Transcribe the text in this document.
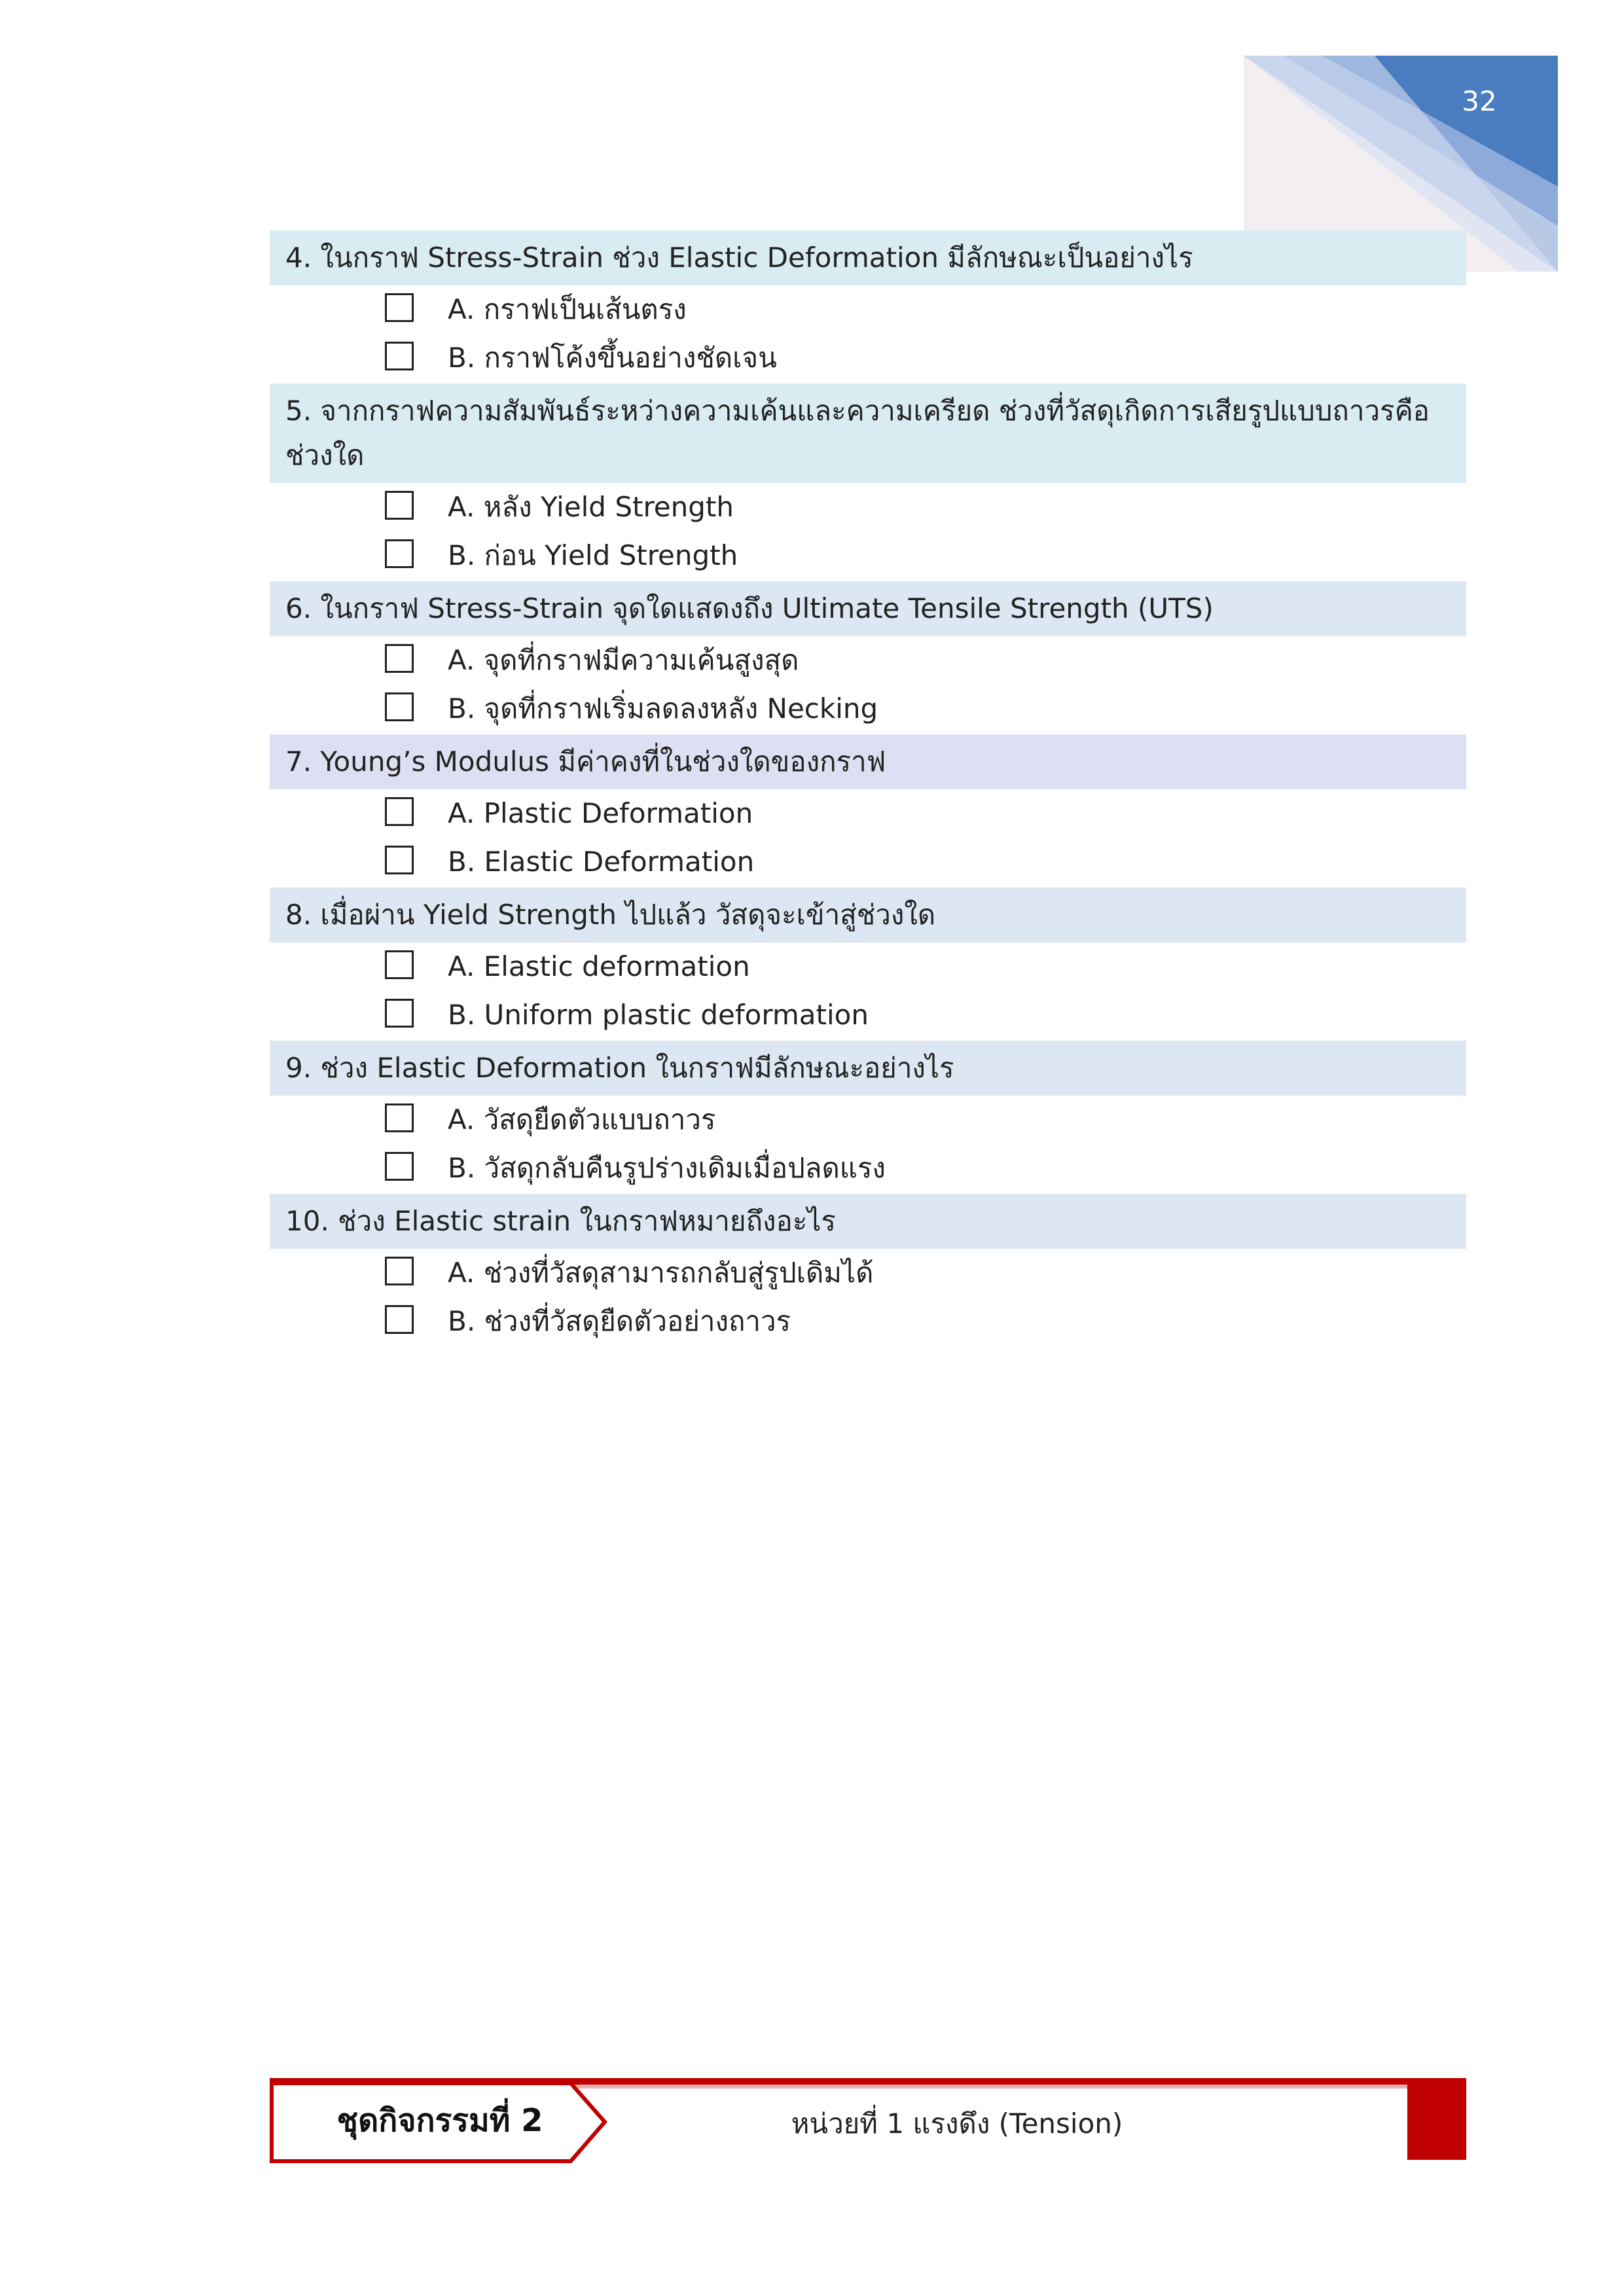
32
4. ในกราฟ Stress-Strain ช่วง Elastic Deformation มีลักษณะเป็นอย่างไร
A. กราฟเป็นเส้นตรง
B. กราฟโค้งขึ้นอย่างชัดเจน
5. จากกราฟความสัมพันธ์ระหว่างความเค้นและความเครียด ช่วงที่วัสดุเกิดการเสียรูปแบบถาวรคือช่วงใด
A. หลัง Yield Strength
B. ก่อน Yield Strength
6. ในกราฟ Stress-Strain จุดใดแสดงถึง Ultimate Tensile Strength (UTS)
A. จุดที่กราฟมีความเค้นสูงสุด
B. จุดที่กราฟเริ่มลดลงหลัง Necking
7. Young’s Modulus มีค่าคงที่ในช่วงใดของกราฟ
A. Plastic Deformation
B. Elastic Deformation
8. เมื่อผ่าน Yield Strength ไปแล้ว วัสดุจะเข้าสู่ช่วงใด
A. Elastic deformation
B. Uniform plastic deformation
9. ช่วง Elastic Deformation ในกราฟมีลักษณะอย่างไร
A. วัสดุยืดตัวแบบถาวร
B. วัสดุกลับคืนรูปร่างเดิมเมื่อปลดแรง
10. ช่วง Elastic strain ในกราฟหมายถึงอะไร
A. ช่วงที่วัสดุสามารถกลับสู่รูปเดิมได้
B. ช่วงที่วัสดุยืดตัวอย่างถาวร
ชุดกิจกรรมที่ 2	หน่วยที่ 1 แรงดึง (Tension)
